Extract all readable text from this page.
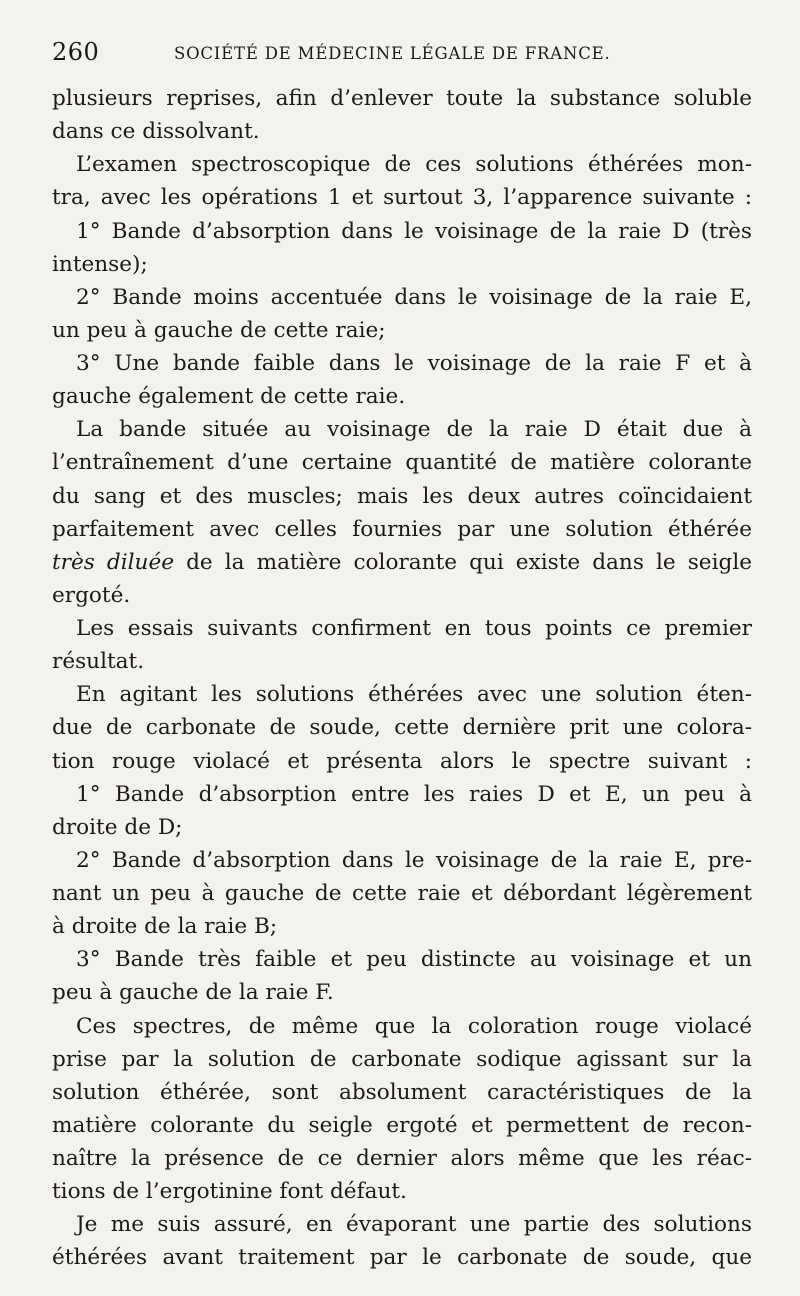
260	SOCIÉTÉ DE MÉDECINE LÉGALE DE FRANCE.
plusieurs reprises, afin d’enlever toute la substance soluble
dans ce dissolvant.
L’examen spectroscopique de ces solutions éthérées mon-
tra, avec les opérations 1 et surtout 3, l’apparence suivante :
1° Bande d’absorption dans le voisinage de la raie D (très
intense);
2° Bande moins accentuée dans le voisinage de la raie E,
un peu à gauche de cette raie;
3° Une bande faible dans le voisinage de la raie F et à
gauche également de cette raie.
La bande située au voisinage de la raie D était due à
l’entraînement d’une certaine quantité de matière colorante
du sang et des muscles; mais les deux autres coïncidaient
parfaitement avec celles fournies par une solution éthérée
très diluée de la matière colorante qui existe dans le seigle
ergoté.
Les essais suivants confirment en tous points ce premier
résultat.
En agitant les solutions éthérées avec une solution éten-
due de carbonate de soude, cette dernière prit une colora-
tion rouge violacé et présenta alors le spectre suivant :
1° Bande d’absorption entre les raies D et E, un peu à
droite de D;
2° Bande d’absorption dans le voisinage de la raie E, pre-
nant un peu à gauche de cette raie et débordant légèrement
à droite de la raie B;
3° Bande très faible et peu distincte au voisinage et un
peu à gauche de la raie F.
Ces spectres, de même que la coloration rouge violacé
prise par la solution de carbonate sodique agissant sur la
solution éthérée, sont absolument caractéristiques de la
matière colorante du seigle ergoté et permettent de recon-
naître la présence de ce dernier alors même que les réac-
tions de l’ergotinine font défaut.
Je me suis assuré, en évaporant une partie des solutions
éthérées avant traitement par le carbonate de soude, que
